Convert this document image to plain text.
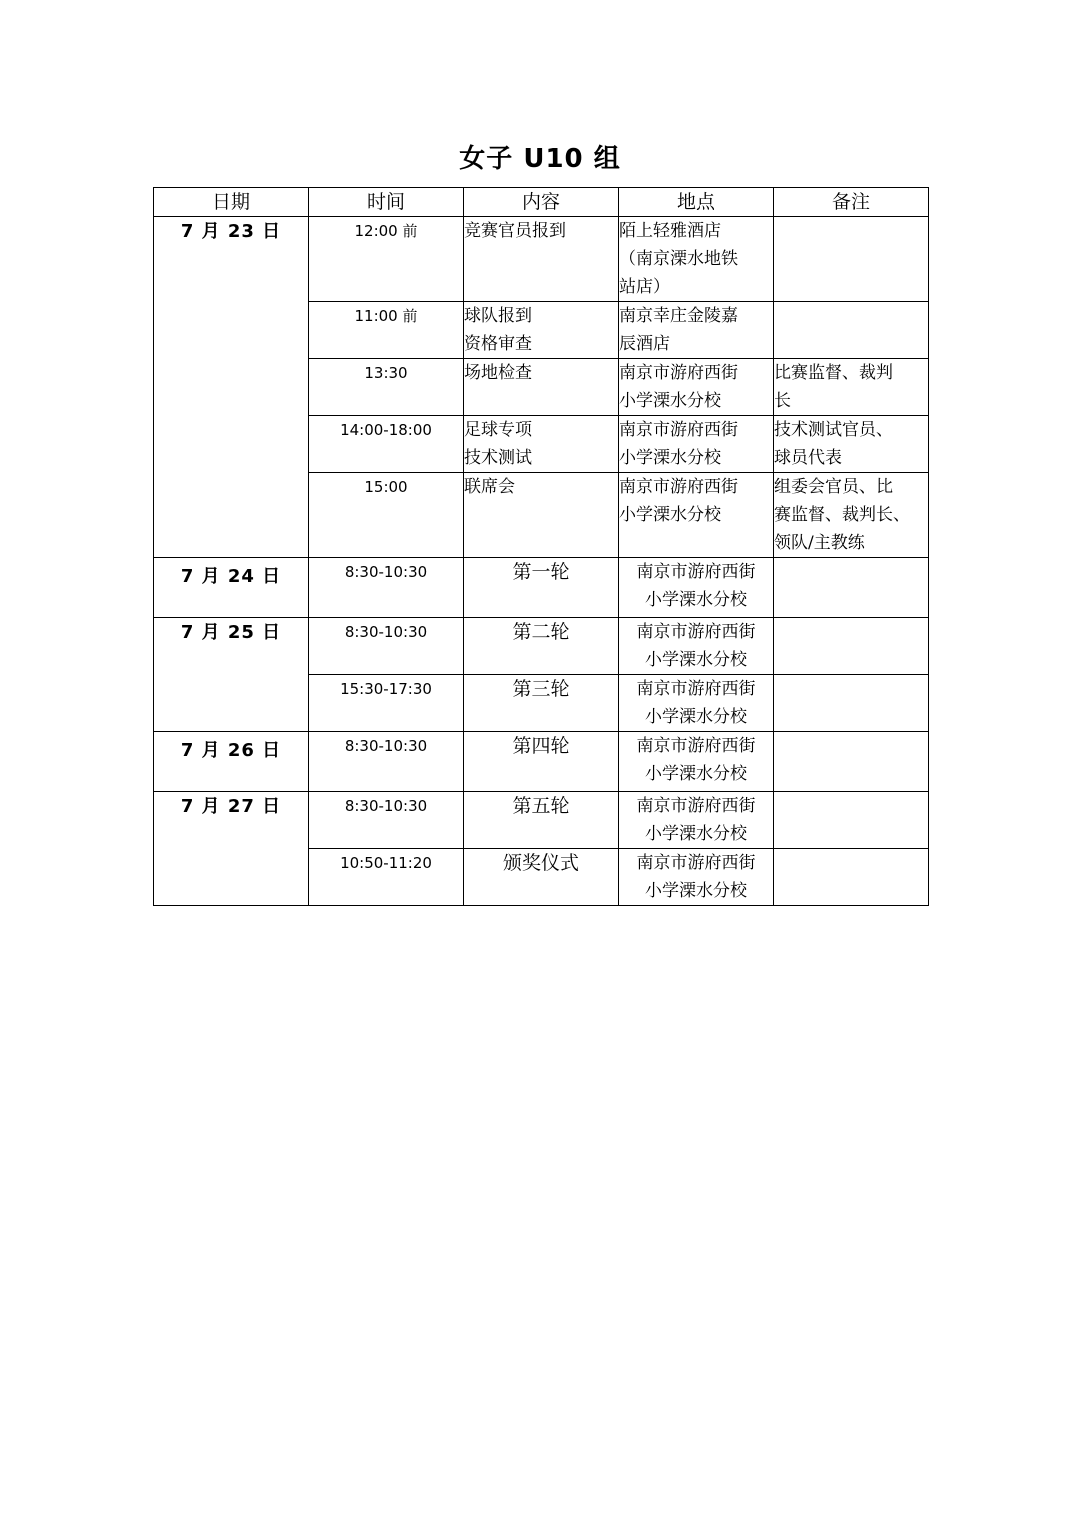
女子 U10 组
日期	时间	内容	地点	备注
7 月 23 日	12:00 前	竞赛官员报到	陌上轻雅酒店
（南京溧水地铁
站店）	
	11:00 前	球队报到
资格审查	南京幸庄金陵嘉
辰酒店	
	13:30	场地检查	南京市游府西街
小学溧水分校	比赛监督、裁判
长
	14:00-18:00	足球专项
技术测试	南京市游府西街
小学溧水分校	技术测试官员、
球员代表
	15:00	联席会	南京市游府西街
小学溧水分校	组委会官员、比
赛监督、裁判长、
领队/主教练
7 月 24 日	8:30-10:30	第一轮	南京市游府西街
小学溧水分校	
7 月 25 日	8:30-10:30	第二轮	南京市游府西街
小学溧水分校	
	15:30-17:30	第三轮	南京市游府西街
小学溧水分校	
7 月 26 日	8:30-10:30	第四轮	南京市游府西街
小学溧水分校	
7 月 27 日	8:30-10:30	第五轮	南京市游府西街
小学溧水分校	
	10:50-11:20	颁奖仪式	南京市游府西街
小学溧水分校	
